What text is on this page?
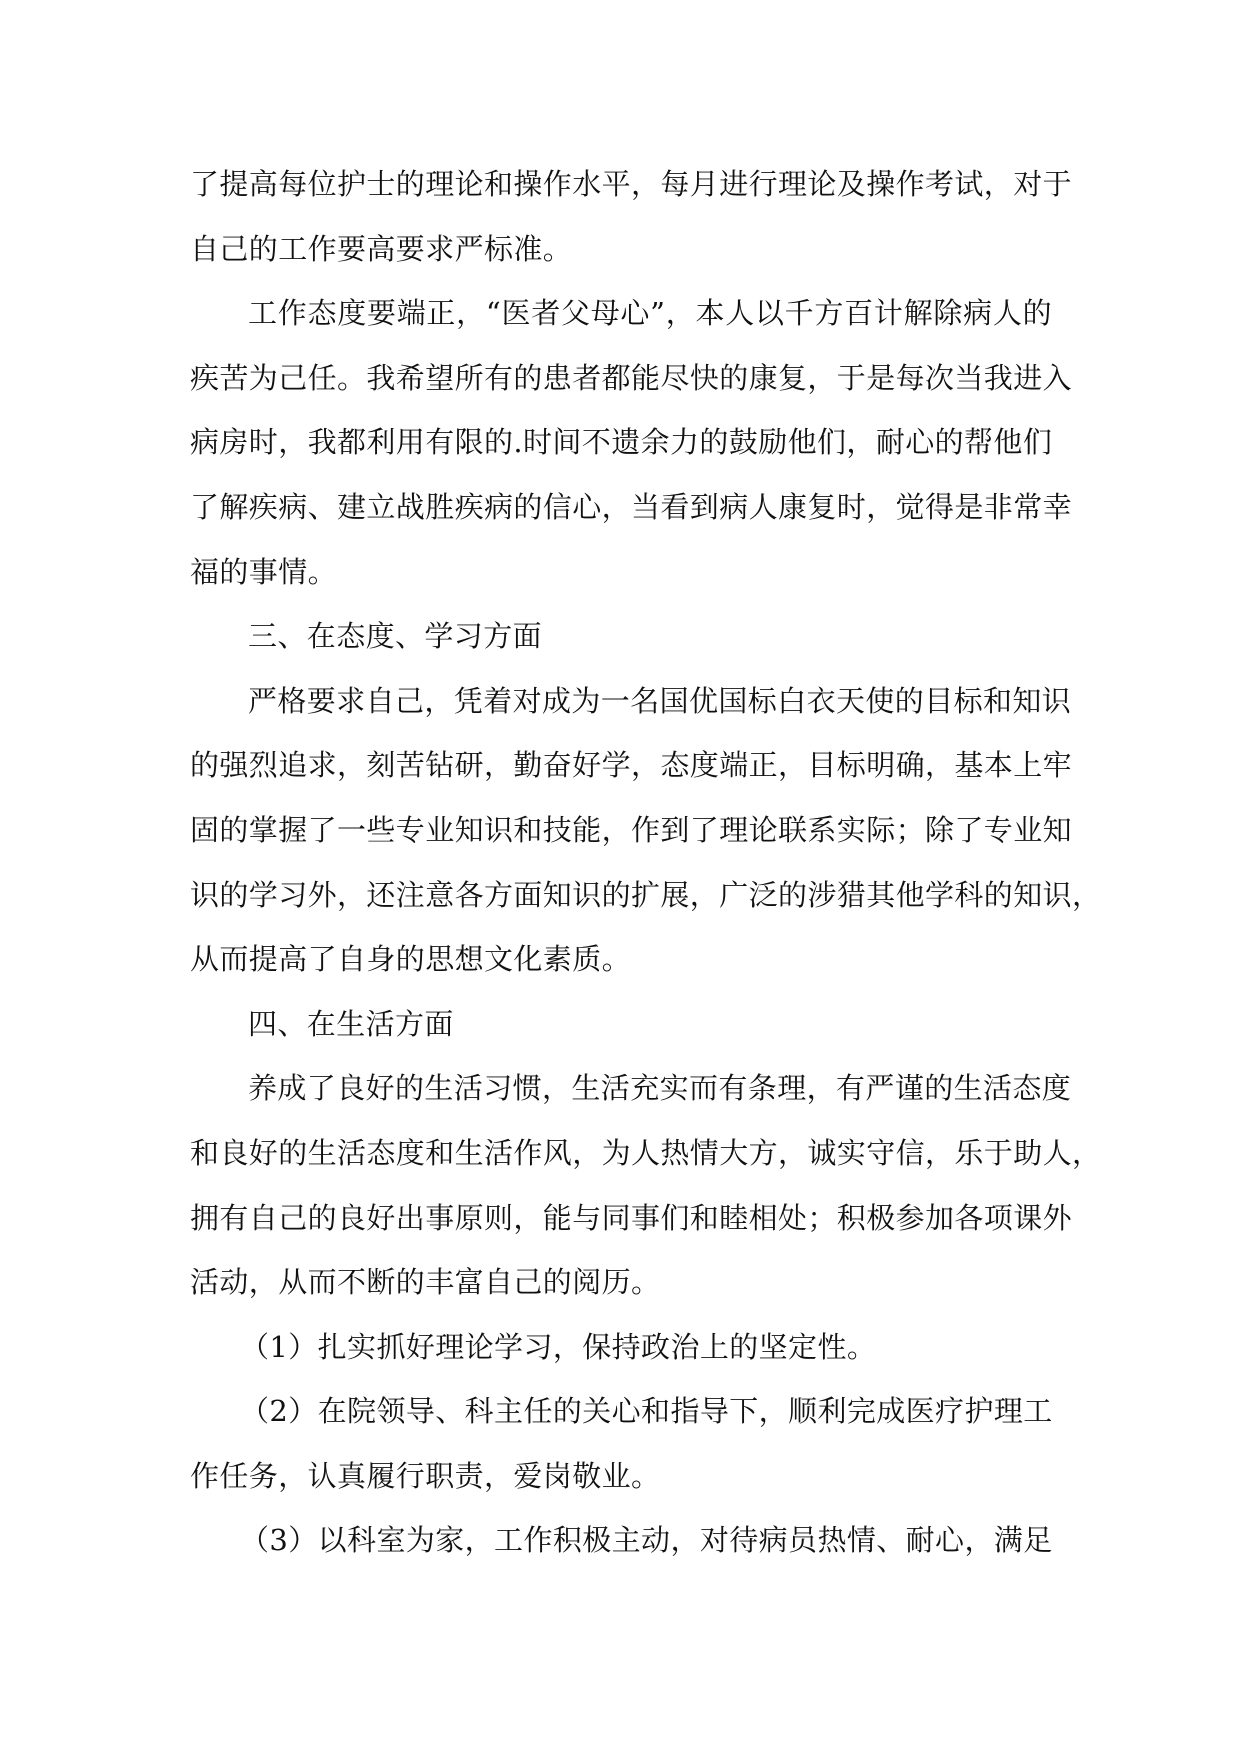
了提高每位护士的理论和操作水平，每月进行理论及操作考试，对于
自己的工作要高要求严标准。
工作态度要端正，“医者父母心”，本人以千方百计解除病人的
疾苦为己任。我希望所有的患者都能尽快的康复，于是每次当我进入
病房时，我都利用有限的.时间不遗余力的鼓励他们，耐心的帮他们
了解疾病、建立战胜疾病的信心，当看到病人康复时，觉得是非常幸
福的事情。
三、在态度、学习方面
严格要求自己，凭着对成为一名国优国标白衣天使的目标和知识
的强烈追求，刻苦钻研，勤奋好学，态度端正，目标明确，基本上牢
固的掌握了一些专业知识和技能，作到了理论联系实际；除了专业知
识的学习外，还注意各方面知识的扩展，广泛的涉猎其他学科的知识，
从而提高了自身的思想文化素质。
四、在生活方面
养成了良好的生活习惯，生活充实而有条理，有严谨的生活态度
和良好的生活态度和生活作风，为人热情大方，诚实守信，乐于助人，
拥有自己的良好出事原则，能与同事们和睦相处；积极参加各项课外
活动，从而不断的丰富自己的阅历。
（1）扎实抓好理论学习，保持政治上的坚定性。
（2）在院领导、科主任的关心和指导下，顺利完成医疗护理工
作任务，认真履行职责，爱岗敬业。
（3）以科室为家，工作积极主动，对待病员热情、耐心，满足
